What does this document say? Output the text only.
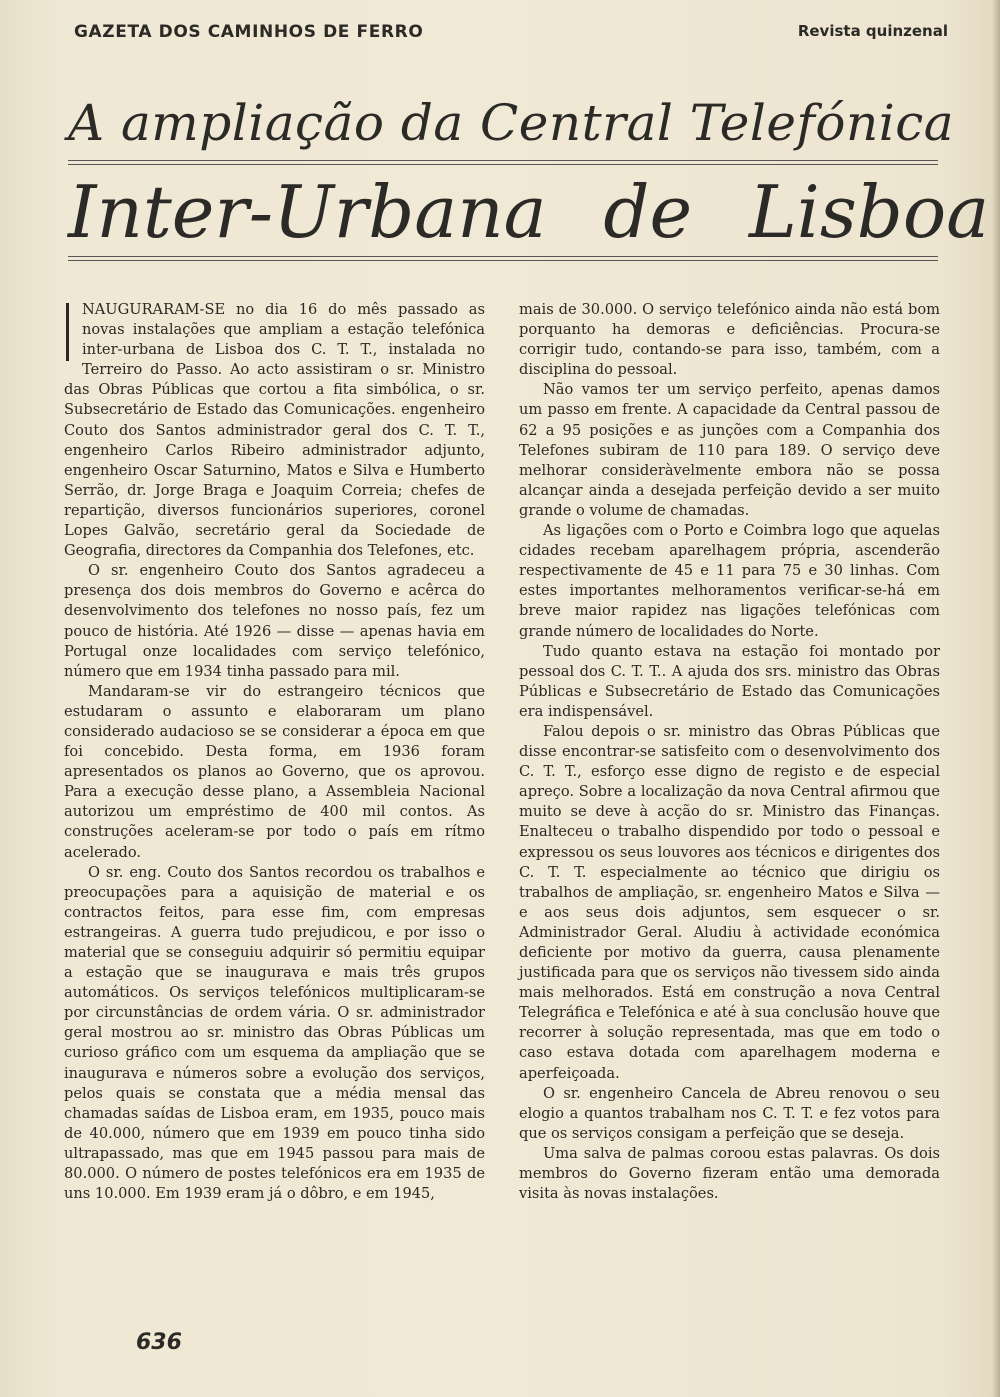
GAZETA DOS CAMINHOS DE FERRO	Revista quinzenal
A ampliação da Central Telefónica
Inter-Urbana de Lisboa

NAUGURARAM-SE no dia 16 do mês passado as novas instalações que ampliam a estação telefónica inter-urbana de Lisboa dos C. T. T., instalada no Terreiro do Passo. Ao acto assistiram o sr. Ministro das Obras Públicas que cortou a fita simbólica, o sr. Subsecretário de Estado das Comunicações. engenheiro Couto dos Santos administrador geral dos C. T. T., engenheiro Carlos Ribeiro administrador adjunto, engenheiro Oscar Saturnino, Matos e Silva e Humberto Serrão, dr. Jorge Braga e Joaquim Correia; chefes de repartição, diversos funcionários superiores, coronel Lopes Galvão, secretário geral da Sociedade de Geografia, directores da Companhia dos Telefones, etc.

O sr. engenheiro Couto dos Santos agradeceu a presença dos dois membros do Governo e acêrca do desenvolvimento dos telefones no nosso país, fez um pouco de história. Até 1926 — disse — apenas havia em Portugal onze localidades com serviço telefónico, número que em 1934 tinha passado para mil.

Mandaram-se vir do estrangeiro técnicos que estudaram o assunto e elaboraram um plano considerado audacioso se se considerar a época em que foi concebido. Desta forma, em 1936 foram apresentados os planos ao Governo, que os aprovou. Para a execução desse plano, a Assembleia Nacional autorizou um empréstimo de 400 mil contos. As construções aceleram-se por todo o país em rítmo acelerado.

O sr. eng. Couto dos Santos recordou os trabalhos e preocupações para a aquisição de material e os contractos feitos, para esse fim, com empresas estrangeiras. A guerra tudo prejudicou, e por isso o material que se conseguiu adquirir só permitiu equipar a estação que se inaugurava e mais três grupos automáticos. Os serviços telefónicos multiplicaram-se por circunstâncias de ordem vária. O sr. administrador geral mostrou ao sr. ministro das Obras Públicas um curioso gráfico com um esquema da ampliação que se inaugurava e números sobre a evolução dos serviços, pelos quais se constata que a média mensal das chamadas saídas de Lisboa eram, em 1935, pouco mais de 40.000, número que em 1939 em pouco tinha sido ultrapassado, mas que em 1945 passou para mais de 80.000. O número de postes telefónicos era em 1935 de uns 10.000. Em 1939 eram já o dôbro, e em 1945,

mais de 30.000. O serviço telefónico ainda não está bom porquanto ha demoras e deficiências. Procura-se corrigir tudo, contando-se para isso, também, com a disciplina do pessoal.

Não vamos ter um serviço perfeito, apenas damos um passo em frente. A capacidade da Central passou de 62 a 95 posições e as junções com a Companhia dos Telefones subiram de 110 para 189. O serviço deve melhorar consideràvelmente embora não se possa alcançar ainda a desejada perfeição devido a ser muito grande o volume de chamadas.

As ligações com o Porto e Coimbra logo que aquelas cidades recebam aparelhagem própria, ascenderão respectivamente de 45 e 11 para 75 e 30 linhas. Com estes importantes melhoramentos verificar-se-há em breve maior rapidez nas ligações telefónicas com grande número de localidades do Norte.

Tudo quanto estava na estação foi montado por pessoal dos C. T. T.. A ajuda dos srs. ministro das Obras Públicas e Subsecretário de Estado das Comunicações era indispensável.

Falou depois o sr. ministro das Obras Públicas que disse encontrar-se satisfeito com o desenvolvimento dos C. T. T., esforço esse digno de registo e de especial apreço. Sobre a localização da nova Central afirmou que muito se deve à acção do sr. Ministro das Finanças. Enalteceu o trabalho dispendido por todo o pessoal e expressou os seus louvores aos técnicos e dirigentes dos C. T. T. especialmente ao técnico que dirigiu os trabalhos de ampliação, sr. engenheiro Matos e Silva — e aos seus dois adjuntos, sem esquecer o sr. Administrador Geral. Aludiu à actividade económica deficiente por motivo da guerra, causa plenamente justificada para que os serviços não tivessem sido ainda mais melhorados. Está em construção a nova Central Telegráfica e Telefónica e até à sua conclusão houve que recorrer à solução representada, mas que em todo o caso estava dotada com aparelhagem moderna e aperfeiçoada.

O sr. engenheiro Cancela de Abreu renovou o seu elogio a quantos trabalham nos C. T. T. e fez votos para que os serviços consigam a perfeição que se deseja.

Uma salva de palmas coroou estas palavras. Os dois membros do Governo fizeram então uma demorada visita às novas instalações.

636
